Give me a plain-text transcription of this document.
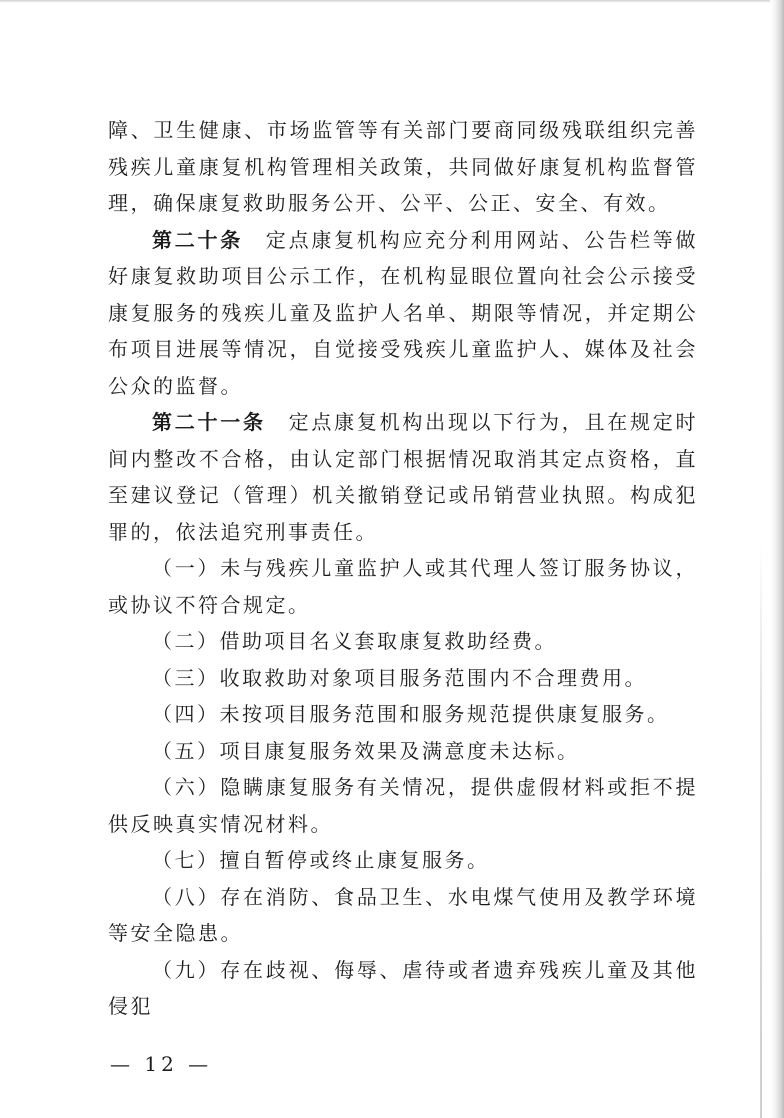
障、卫生健康、市场监管等有关部门要商同级残联组织完善残疾儿童康复机构管理相关政策，共同做好康复机构监督管理，确保康复救助服务公开、公平、公正、安全、有效。

第二十条  定点康复机构应充分利用网站、公告栏等做好康复救助项目公示工作，在机构显眼位置向社会公示接受康复服务的残疾儿童及监护人名单、期限等情况，并定期公布项目进展等情况，自觉接受残疾儿童监护人、媒体及社会公众的监督。

第二十一条  定点康复机构出现以下行为，且在规定时间内整改不合格，由认定部门根据情况取消其定点资格，直至建议登记（管理）机关撤销登记或吊销营业执照。构成犯罪的，依法追究刑事责任。

（一）未与残疾儿童监护人或其代理人签订服务协议，或协议不符合规定。

（二）借助项目名义套取康复救助经费。

（三）收取救助对象项目服务范围内不合理费用。

（四）未按项目服务范围和服务规范提供康复服务。

（五）项目康复服务效果及满意度未达标。

（六）隐瞒康复服务有关情况，提供虚假材料或拒不提供反映真实情况材料。

（七）擅自暂停或终止康复服务。

（八）存在消防、食品卫生、水电煤气使用及教学环境等安全隐患。

（九）存在歧视、侮辱、虐待或者遗弃残疾儿童及其他侵犯

— 12 —
